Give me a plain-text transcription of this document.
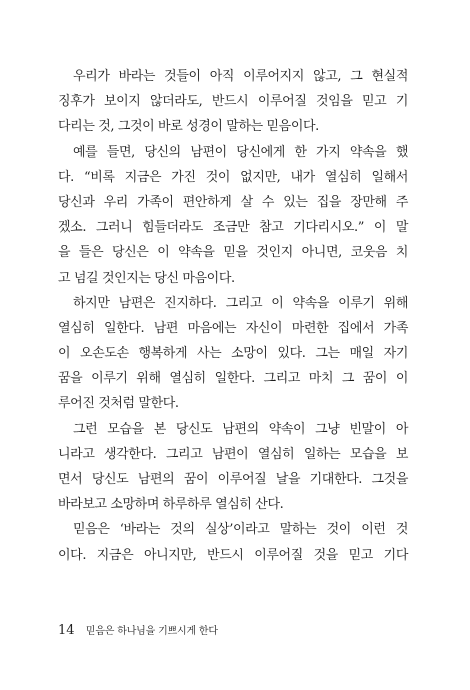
우리가 바라는 것들이 아직 이루어지지 않고, 그 현실적
징후가 보이지 않더라도, 반드시 이루어질 것임을 믿고 기
다리는 것, 그것이 바로 성경이 말하는 믿음이다.
예를 들면, 당신의 남편이 당신에게 한 가지 약속을 했
다. “비록 지금은 가진 것이 없지만, 내가 열심히 일해서
당신과 우리 가족이 편안하게 살 수 있는 집을 장만해 주
겠소. 그러니 힘들더라도 조금만 참고 기다리시오.” 이 말
을 들은 당신은 이 약속을 믿을 것인지 아니면, 코웃음 치
고 넘길 것인지는 당신 마음이다.
하지만 남편은 진지하다. 그리고 이 약속을 이루기 위해
열심히 일한다. 남편 마음에는 자신이 마련한 집에서 가족
이 오손도손 행복하게 사는 소망이 있다. 그는 매일 자기
꿈을 이루기 위해 열심히 일한다. 그리고 마치 그 꿈이 이
루어진 것처럼 말한다.
그런 모습을 본 당신도 남편의 약속이 그냥 빈말이 아
니라고 생각한다. 그리고 남편이 열심히 일하는 모습을 보
면서 당신도 남편의 꿈이 이루어질 날을 기대한다. 그것을
바라보고 소망하며 하루하루 열심히 산다.
믿음은 ‘바라는 것의 실상’이라고 말하는 것이 이런 것
이다. 지금은 아니지만, 반드시 이루어질 것을 믿고 기다
14 믿음은 하나님을 기쁘시게 한다
